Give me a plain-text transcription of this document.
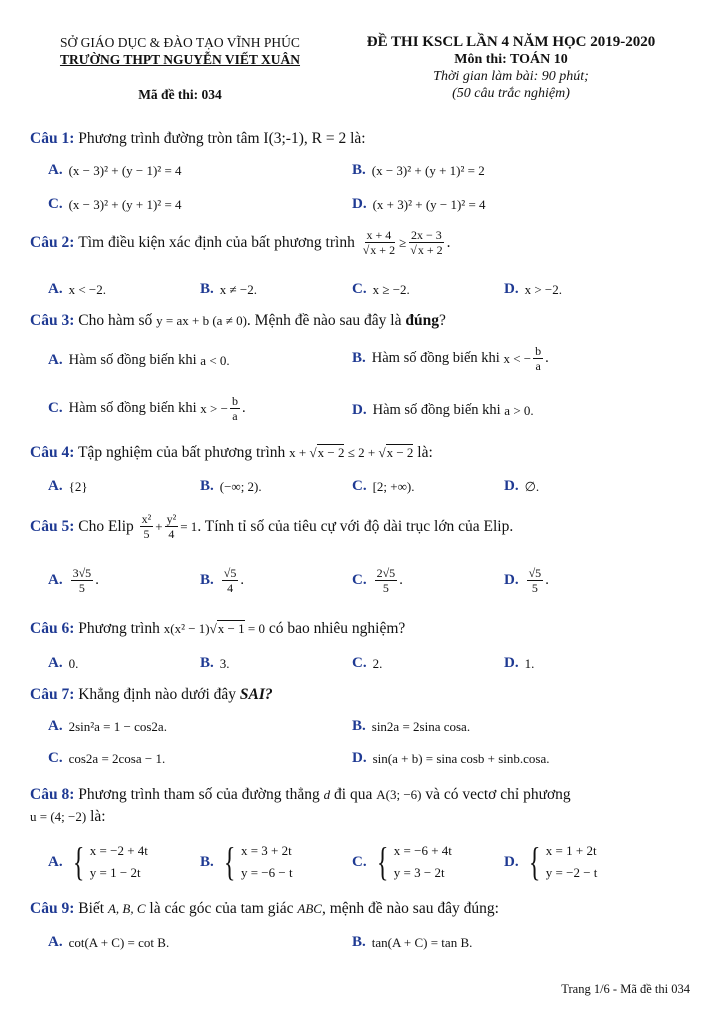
SỞ GIÁO DỤC & ĐÀO TẠO VĨNH PHÚC
TRƯỜNG THPT NGUYỄN VIẾT XUÂN
Mã đề thi: 034
ĐỀ THI KSCL LẦN 4 NĂM HỌC 2019-2020
Môn thi: TOÁN 10
Thời gian làm bài: 90 phút;
(50 câu trắc nghiệm)
Câu 1: Phương trình đường tròn tâm I(3;-1), R = 2 là:
A. (x − 3)² + (y − 1)² = 4	B. (x − 3)² + (y + 1)² = 2
C. (x − 3)² + (y + 1)² = 4	D. (x + 3)² + (y − 1)² = 4
Câu 2:
Tìm điều kiện xác định của bất phương trình
$\frac{x + 4}{√x + 2} \ge \frac{2x - 3}{√x + 2}$ .
A. x < −2.	B. x ≠ −2.	C. x ≥ −2.	D. x > −2.
Câu 3: Cho hàm số y = ax + b (a ≠ 0). Mệnh đề nào sau đây là đúng?
A. Hàm số đồng biến khi
a < 0.	B. Hàm số đồng biến khi
x < − $\frac{b}{a}$ .
C. Hàm số đồng biến khi
x > − $\frac{b}{a}$ .	D. Hàm số đồng biến khi
a > 0.
Câu 4: Tập nghiệm của bất phương trình x + √x − 2 ≤ 2 + √x − 2 là:
A. {2}	B. (−∞; 2).	C. [2; +∞).	D. ∅.
Câu 5:
Cho Elip
$\frac{\text{x²}}{5} + \frac{\text{y²}}{4} = 1$ . Tính tỉ số của tiêu cự với độ dài trục lớn của Elip.
A. $\frac{3√5}{5}$ .	B. $\frac{√5}{4}$ .	C. $\frac{2√5}{5}$ .	D. $\frac{√5}{5}$ .
Câu 6: Phương trình x(x² − 1)√x − 1 = 0 có bao nhiêu nghiệm?
A. 0.	B. 3.	C. 2.	D. 1.
Câu 7: Khẳng định nào dưới đây SAI?
A. 2sin²a = 1 − cos2a.	B. sin2a = 2sina cosa.
C. cos2a = 2cosa − 1.	D. sin(a + b) = sina cosb + sinb.cosa.
Câu 8: Phương trình tham số của đường thẳng d đi qua A(3; −6) và có vectơ chỉ phương
u = (4; −2) là:
A. { x = −2 + 4t
y = 1 − 2t
B. { x = 3 + 2t
y = −6 − t
C. { x = −6 + 4t
y = 3 − 2t
D. { x = 1 + 2t
y = −2 − t
Câu 9: Biết A, B, C là các góc của tam giác ABC, mệnh đề nào sau đây đúng:
A. cot(A + C) = cot B.	B. tan(A + C) = tan B.
Trang 1/6 - Mã đề thi 034
